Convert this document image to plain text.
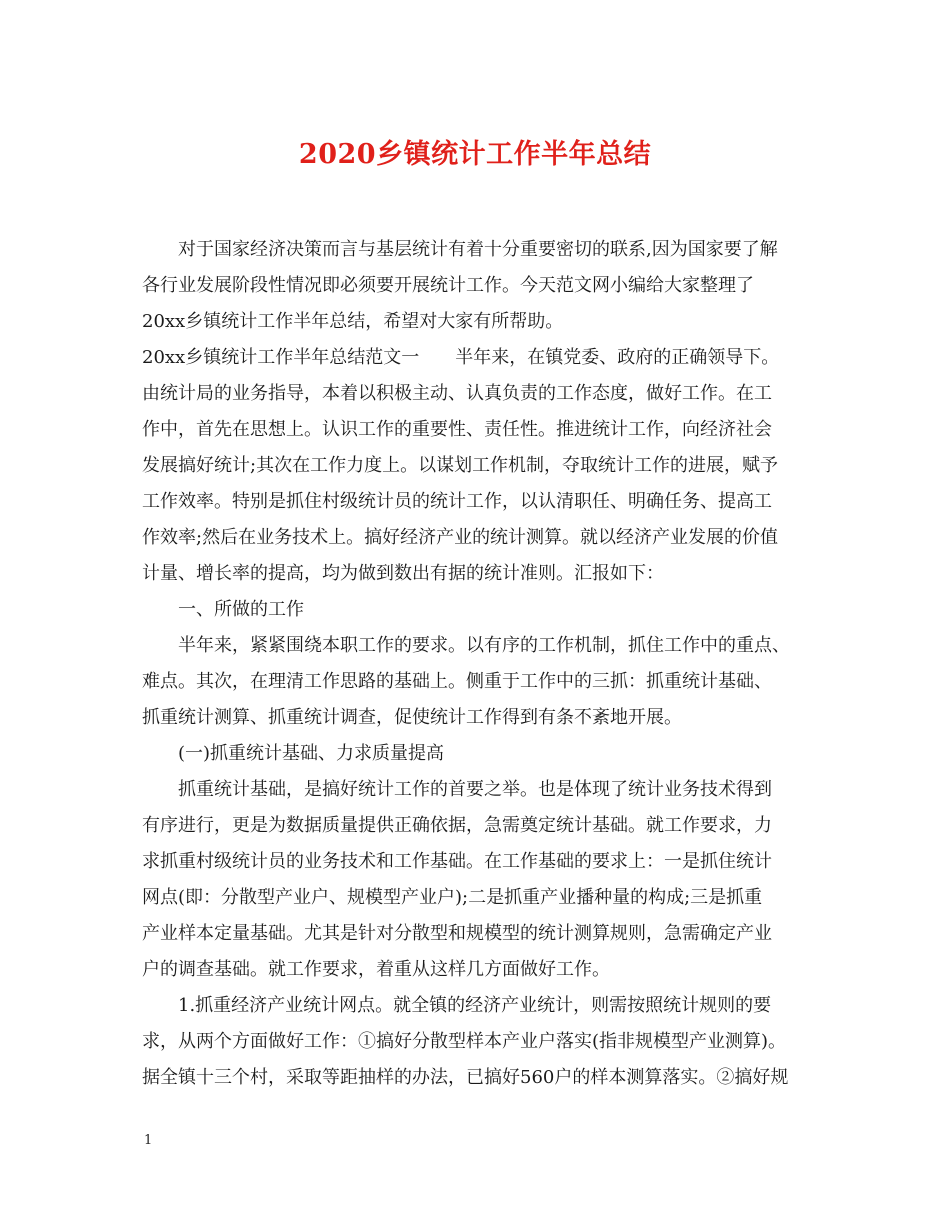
2020乡镇统计工作半年总结
对于国家经济决策而言与基层统计有着十分重要密切的联系,因为国家要了解
各行业发展阶段性情况即必须要开展统计工作。今天范文网小编给大家整理了
20xx乡镇统计工作半年总结，希望对大家有所帮助。
20xx乡镇统计工作半年总结范文一　　半年来，在镇党委、政府的正确领导下。
由统计局的业务指导，本着以积极主动、认真负责的工作态度，做好工作。在工
作中，首先在思想上。认识工作的重要性、责任性。推进统计工作，向经济社会
发展搞好统计;其次在工作力度上。以谋划工作机制，夺取统计工作的进展，赋予
工作效率。特别是抓住村级统计员的统计工作，以认清职任、明确任务、提高工
作效率;然后在业务技术上。搞好经济产业的统计测算。就以经济产业发展的价值
计量、增长率的提高，均为做到数出有据的统计准则。汇报如下：
一、所做的工作
半年来，紧紧围绕本职工作的要求。以有序的工作机制，抓住工作中的重点、
难点。其次，在理清工作思路的基础上。侧重于工作中的三抓：抓重统计基础、
抓重统计测算、抓重统计调查，促使统计工作得到有条不紊地开展。
(一)抓重统计基础、力求质量提高
抓重统计基础，是搞好统计工作的首要之举。也是体现了统计业务技术得到
有序进行，更是为数据质量提供正确依据，急需奠定统计基础。就工作要求，力
求抓重村级统计员的业务技术和工作基础。在工作基础的要求上：一是抓住统计
网点(即：分散型产业户、规模型产业户);二是抓重产业播种量的构成;三是抓重
产业样本定量基础。尤其是针对分散型和规模型的统计测算规则，急需确定产业
户的调查基础。就工作要求，着重从这样几方面做好工作。
1.抓重经济产业统计网点。就全镇的经济产业统计，则需按照统计规则的要
求，从两个方面做好工作：①搞好分散型样本产业户落实(指非规模型产业测算)。
据全镇十三个村，采取等距抽样的办法，已搞好560户的样本测算落实。②搞好规
1
